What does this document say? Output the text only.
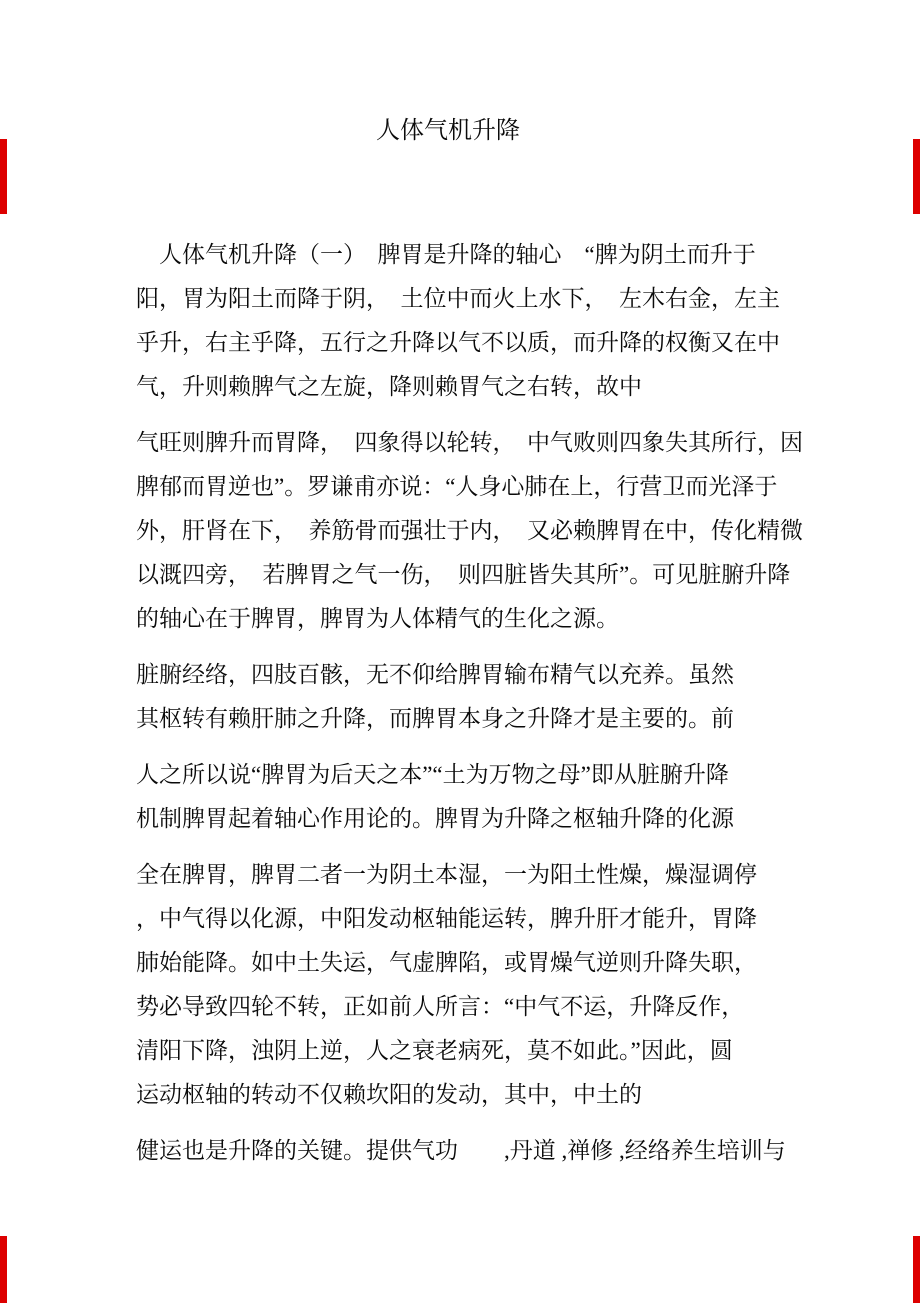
人体气机升降
　人体气机升降（一）　脾胃是升降的轴心　“脾为阴土而升于
阳，胃为阳土而降于阴，　土位中而火上水下，　左木右金，左主
乎升，右主乎降，五行之升降以气不以质，而升降的权衡又在中
气，升则赖脾气之左旋，降则赖胃气之右转，故中
气旺则脾升而胃降，　四象得以轮转，　中气败则四象失其所行，因
脾郁而胃逆也”。罗谦甫亦说：“人身心肺在上，行营卫而光泽于
外，肝肾在下，　养筋骨而强壮于内，　又必赖脾胃在中，传化精微
以溉四旁，　若脾胃之气一伤，　则四脏皆失其所”。可见脏腑升降
的轴心在于脾胃，脾胃为人体精气的生化之源。
脏腑经络，四肢百骸，无不仰给脾胃输布精气以充养。虽然
其枢转有赖肝肺之升降，而脾胃本身之升降才是主要的。前
人之所以说“脾胃为后天之本”“土为万物之母”即从脏腑升降
机制脾胃起着轴心作用论的。脾胃为升降之枢轴升降的化源
全在脾胃，脾胃二者一为阴土本湿，一为阳土性燥，燥湿调停
，中气得以化源，中阳发动枢轴能运转，脾升肝才能升，胃降
肺始能降。如中土失运，气虚脾陷，或胃燥气逆则升降失职，
势必导致四轮不转，正如前人所言：“中气不运，升降反作，
清阳下降，浊阴上逆，人之衰老病死，莫不如此。”因此，圆
运动枢轴的转动不仅赖坎阳的发动，其中，中土的
健运也是升降的关键。提供气功　　,丹道 ,禅修 ,经络养生培训与
